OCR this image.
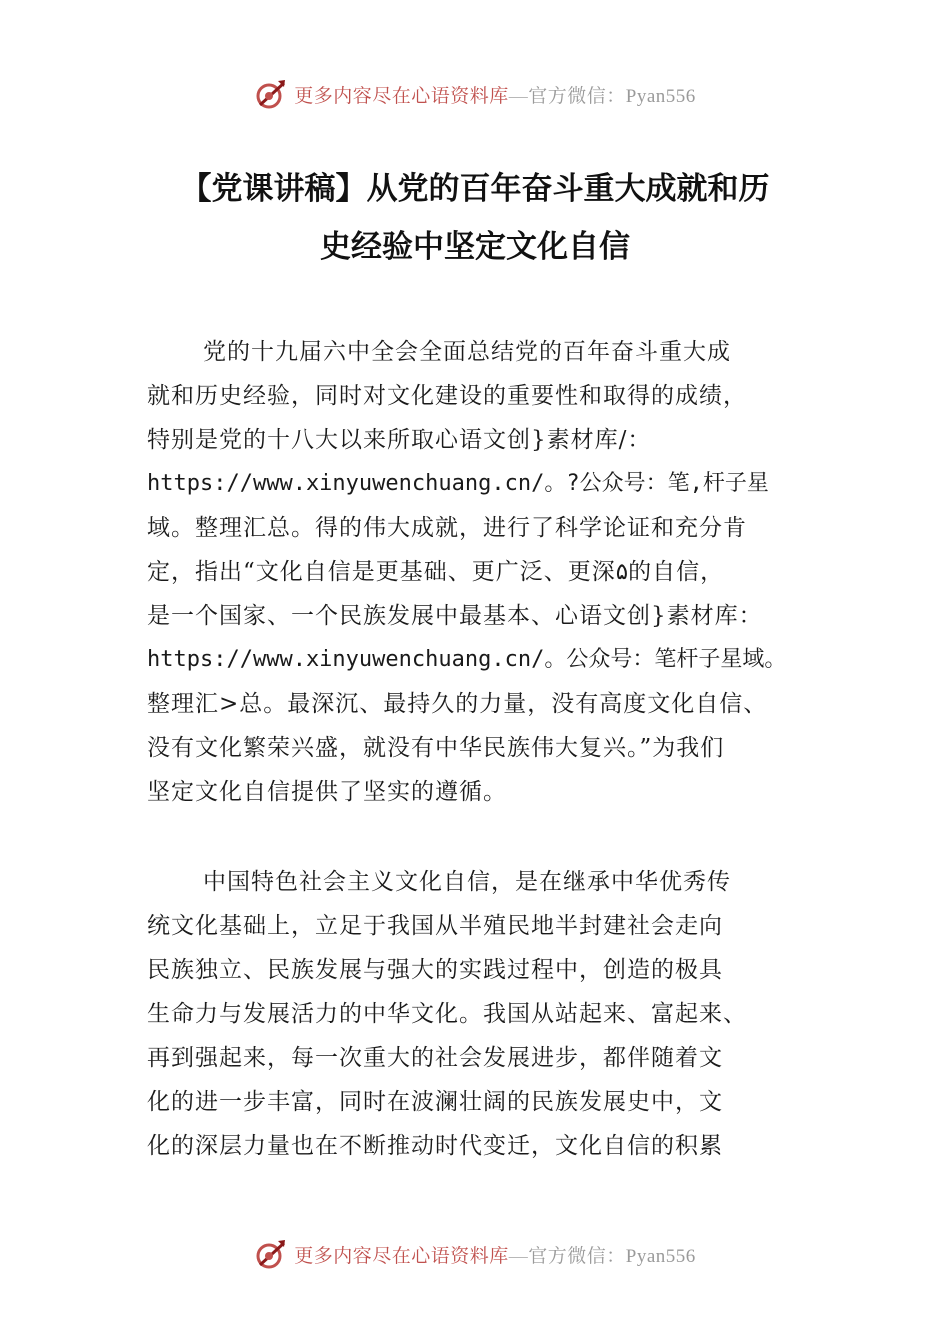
更多内容尽在心语资料库—官方微信：Pyan556
【党课讲稿】从党的百年奋斗重大成就和历
史经验中坚定文化自信
党的十九届六中全会全面总结党的百年奋斗重大成
就和历史经验，同时对文化建设的重要性和取得的成绩，
特别是党的十八大以来所取心语文创}素材库/：
https://www.xinyuwenchuang.cn/。?公众号：笔,杆子星
域。整理汇总。得的伟大成就，进行了科学论证和充分肯
定，指出“文化自信是更基础、更广泛、更深۵的自信，
是一个国家、一个民族发展中最基本、心语文创}素材库：
https://www.xinyuwenchuang.cn/。公众号：笔杆子星域。
整理汇>总。最深沉、最持久的力量，没有高度文化自信、
没有文化繁荣兴盛，就没有中华民族伟大复兴。”为我们
坚定文化自信提供了坚实的遵循。
中国特色社会主义文化自信，是在继承中华优秀传
统文化基础上，立足于我国从半殖民地半封建社会走向
民族独立、民族发展与强大的实践过程中，创造的极具
生命力与发展活力的中华文化。我国从站起来、富起来、
再到强起来，每一次重大的社会发展进步，都伴随着文
化的进一步丰富，同时在波澜壮阔的民族发展史中，文
化的深层力量也在不断推动时代变迁，文化自信的积累
更多内容尽在心语资料库—官方微信：Pyan556
